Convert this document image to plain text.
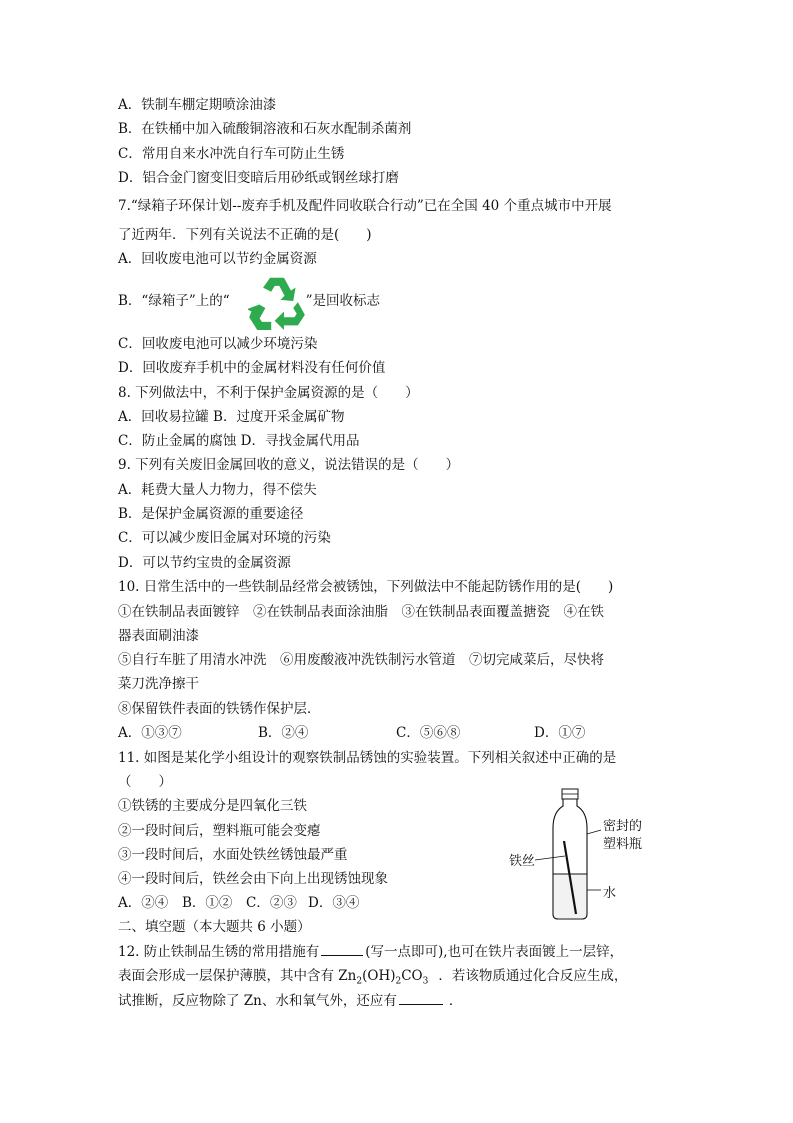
A．铁制车棚定期喷涂油漆
B．在铁桶中加入硫酸铜溶液和石灰水配制杀菌剂
C．常用自来水冲洗自行车可防止生锈
D．铝合金门窗变旧变暗后用砂纸或钢丝球打磨
7.“绿箱子环保计划--废弃手机及配件同收联合行动”已在全国 40 个重点城市中开展
了近两年．下列有关说法不正确的是(　　)
A．回收废电池可以节约金属资源
B．“绿箱子”上的“	”是回收标志
C．回收废电池可以减少环境污染
D．回收废弃手机中的金属材料没有任何价值
8. 下列做法中，不利于保护金属资源的是（　　）
A．回收易拉罐 B．过度开采金属矿物
C．防止金属的腐蚀 D．寻找金属代用品
9. 下列有关废旧金属回收的意义，说法错误的是（　　）
A．耗费大量人力物力，得不偿失
B．是保护金属资源的重要途径
C．可以减少废旧金属对环境的污染
D．可以节约宝贵的金属资源
10. 日常生活中的一些铁制品经常会被锈蚀，下列做法中不能起防锈作用的是(　　)
①在铁制品表面镀锌　②在铁制品表面涂油脂　③在铁制品表面覆盖搪瓷　④在铁
器表面刷油漆
⑤自行车脏了用清水冲洗　⑥用废酸液冲洗铁制污水管道　⑦切完咸菜后，尽快将
菜刀洗净擦干
⑧保留铁件表面的铁锈作保护层．
A．①③⑦	B．②④	C．⑤⑥⑧	D．①⑦
11. 如图是某化学小组设计的观察铁制品锈蚀的实验装置。下列相关叙述中正确的是
（　　）
①铁锈的主要成分是四氧化三铁
②一段时间后，塑料瓶可能会变瘪
③一段时间后，水面处铁丝锈蚀最严重
④一段时间后，铁丝会由下向上出现锈蚀现象
A．②④ B．①② C．②③ D．③④
密封的
塑料瓶
铁丝
水
二、填空题（本大题共 6 小题）
12. 防止铁制品生锈的常用措施有	(写一点即可),也可在铁片表面镀上一层锌，
表面会形成一层保护薄膜，其中含有 $Zn_2(OH)_2CO_3$ ．若该物质通过化合反应生成，
试推断，反应物除了 Zn、水和氧气外，还应有	．
